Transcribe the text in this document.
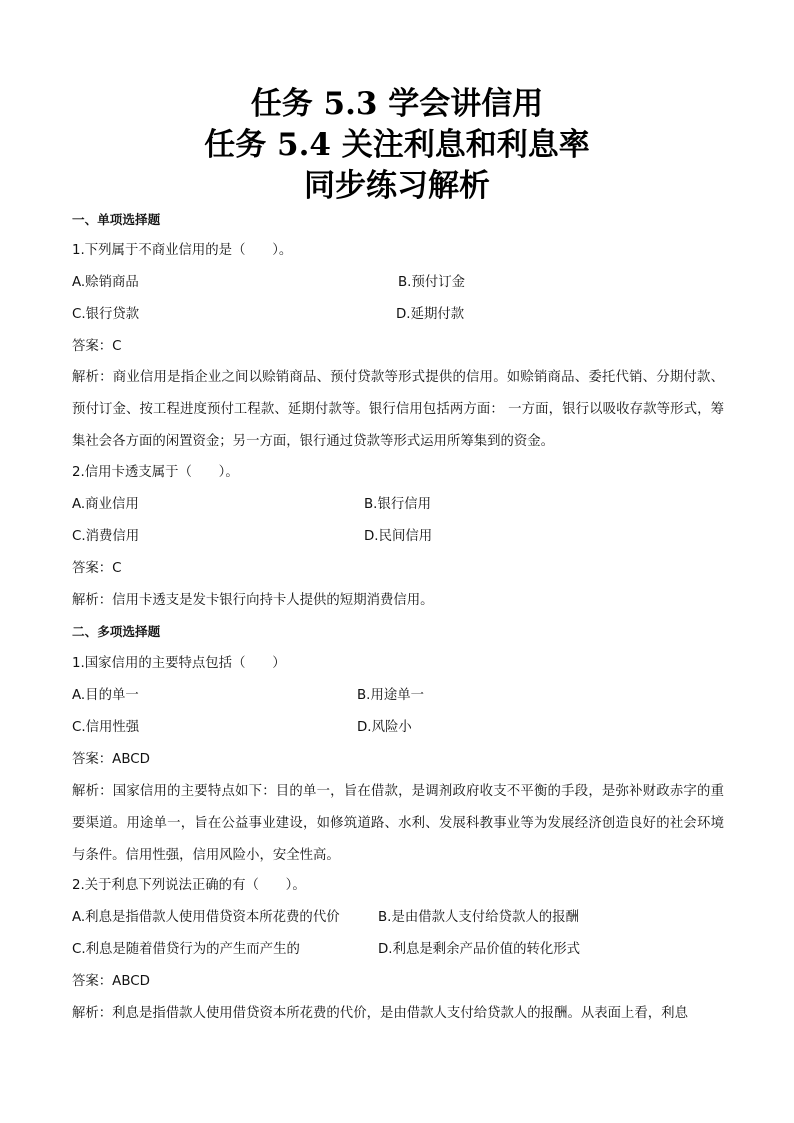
任务 5.3 学会讲信用
任务 5.4 关注利息和利息率
同步练习解析
一、单项选择题
1.下列属于不商业信用的是（　　）。
A.赊销商品	B.预付订金
C.银行贷款	D.延期付款
答案：C
解析：商业信用是指企业之间以赊销商品、预付贷款等形式提供的信用。如赊销商品、委托代销、分期付款、预付订金、按工程进度预付工程款、延期付款等。银行信用包括两方面： 一方面，银行以吸收存款等形式，筹集社会各方面的闲置资金；另一方面，银行通过贷款等形式运用所筹集到的资金。
2.信用卡透支属于（　　）。
A.商业信用	B.银行信用
C.消费信用	D.民间信用
答案：C
解析：信用卡透支是发卡银行向持卡人提供的短期消费信用。
二、多项选择题
1.国家信用的主要特点包括（　　）
A.目的单一	B.用途单一
C.信用性强	D.风险小
答案：ABCD
解析：国家信用的主要特点如下：目的单一，旨在借款，是调剂政府收支不平衡的手段，是弥补财政赤字的重要渠道。用途单一，旨在公益事业建设，如修筑道路、水利、发展科教事业等为发展经济创造良好的社会环境与条件。信用性强，信用风险小，安全性高。
2.关于利息下列说法正确的有（　　）。
A.利息是指借款人使用借贷资本所花费的代价	B.是由借款人支付给贷款人的报酬
C.利息是随着借贷行为的产生而产生的	D.利息是剩余产品价值的转化形式
答案：ABCD
解析：利息是指借款人使用借贷资本所花费的代价，是由借款人支付给贷款人的报酬。从表面上看，利息
